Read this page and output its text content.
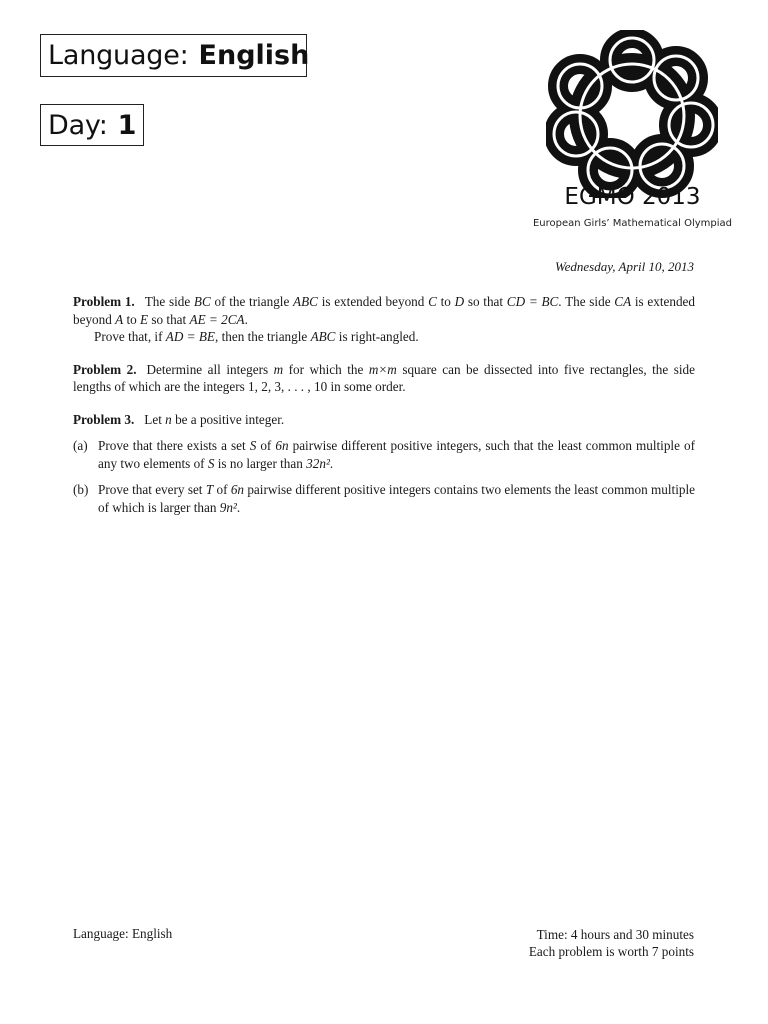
Language: English
Day: 1
EGMO 2013
European Girls’ Mathematical Olympiad
Wednesday, April 10, 2013

Problem 1. The side BC of the triangle ABC is extended beyond C to D so that CD = BC. The side CA is extended beyond A to E so that AE = 2CA.

Prove that, if AD = BE, then the triangle ABC is right-angled.

Problem 2. Determine all integers m for which the m×m square can be dissected into five rectangles, the side lengths of which are the integers 1, 2, 3, . . . , 10 in some order.

Problem 3. Let n be a positive integer.

(a) Prove that there exists a set S of 6n pairwise different positive integers, such that the least common multiple of any two elements of S is no larger than 32n².

(b) Prove that every set T of 6n pairwise different positive integers contains two elements the least common multiple of which is larger than 9n².

Language: English	Time: 4 hours and 30 minutes
Each problem is worth 7 points
